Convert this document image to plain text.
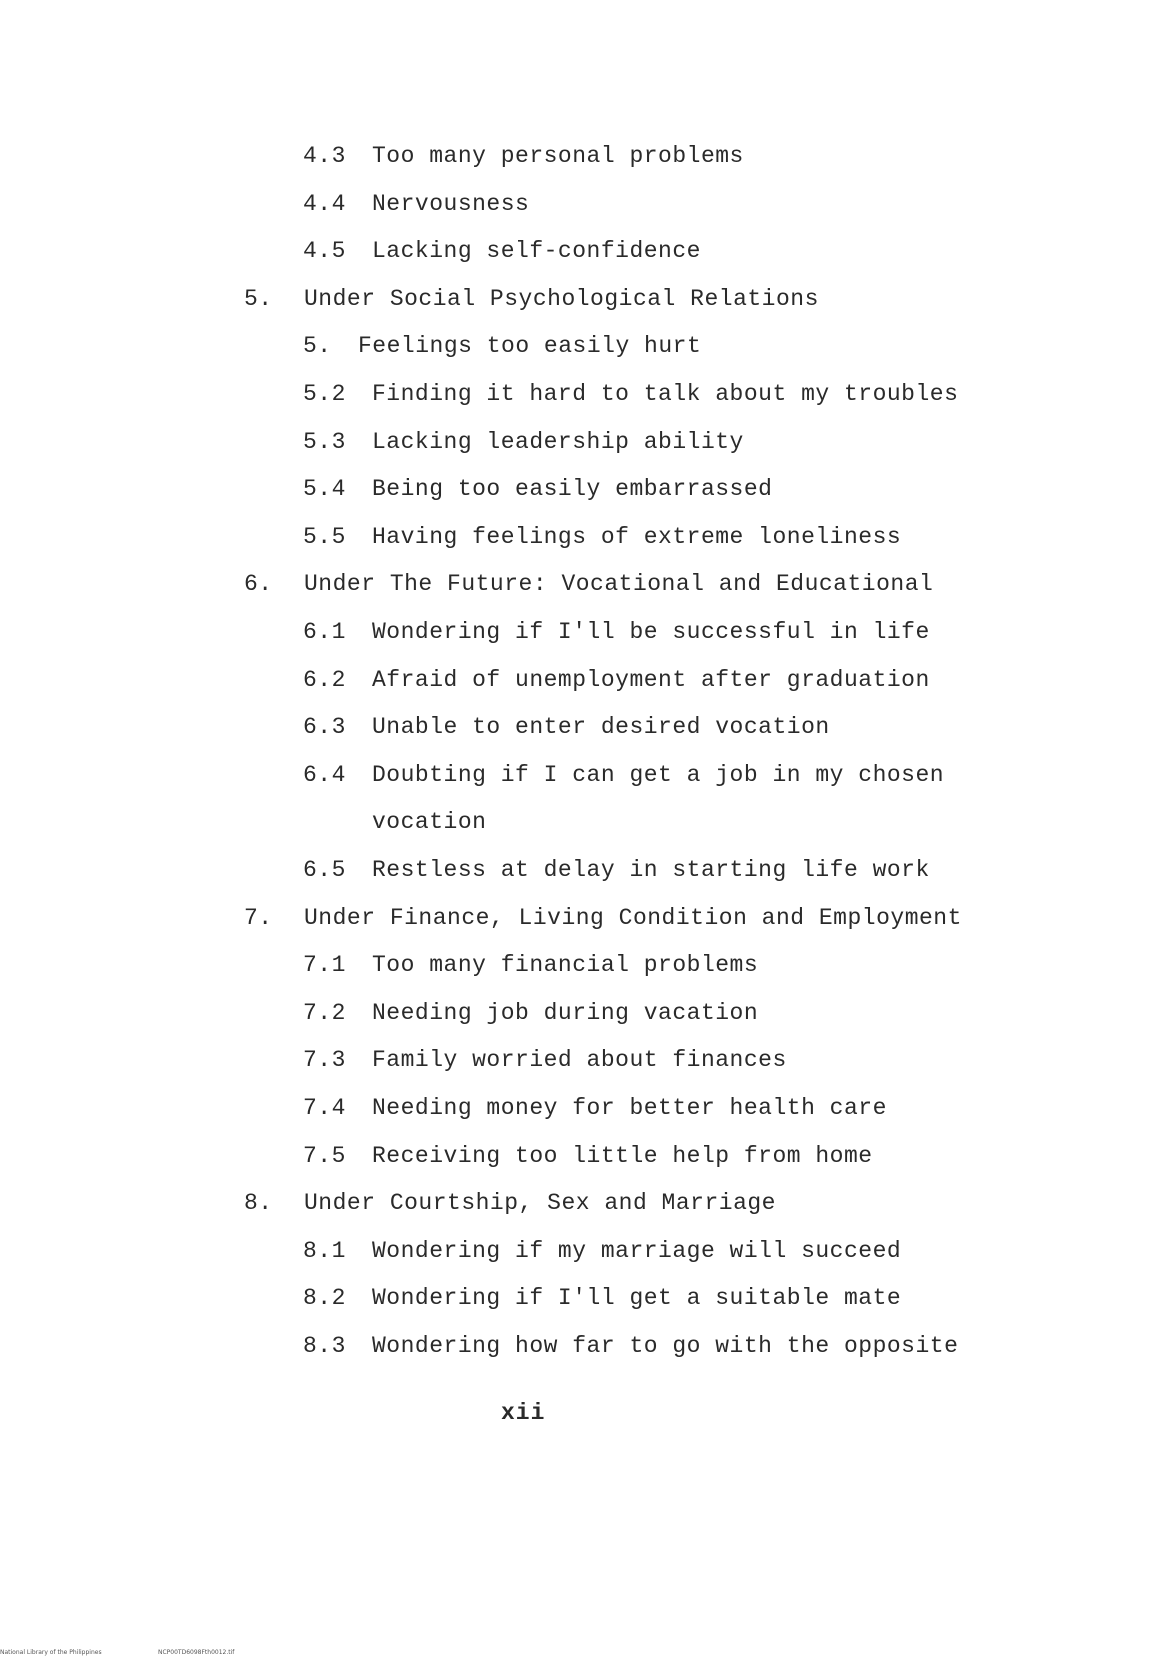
4.3 Too many personal problems
4.4 Nervousness
4.5 Lacking self-confidence
5. Under Social Psychological Relations
5. Feelings too easily hurt
5.2 Finding it hard to talk about my troubles
5.3 Lacking leadership ability
5.4 Being too easily embarrassed
5.5 Having feelings of extreme loneliness
6. Under The Future: Vocational and Educational
6.1 Wondering if I'll be successful in life
6.2 Afraid of unemployment after graduation
6.3 Unable to enter desired vocation
6.4 Doubting if I can get a job in my chosen
vocation
6.5 Restless at delay in starting life work
7. Under Finance, Living Condition and Employment
7.1 Too many financial problems
7.2 Needing job during vacation
7.3 Family worried about finances
7.4 Needing money for better health care
7.5 Receiving too little help from home
8. Under Courtship, Sex and Marriage
8.1 Wondering if my marriage will succeed
8.2 Wondering if I'll get a suitable mate
8.3 Wondering how far to go with the opposite
xii
National Library of the Philippines	NCP00TD6098Fth0012.tif
